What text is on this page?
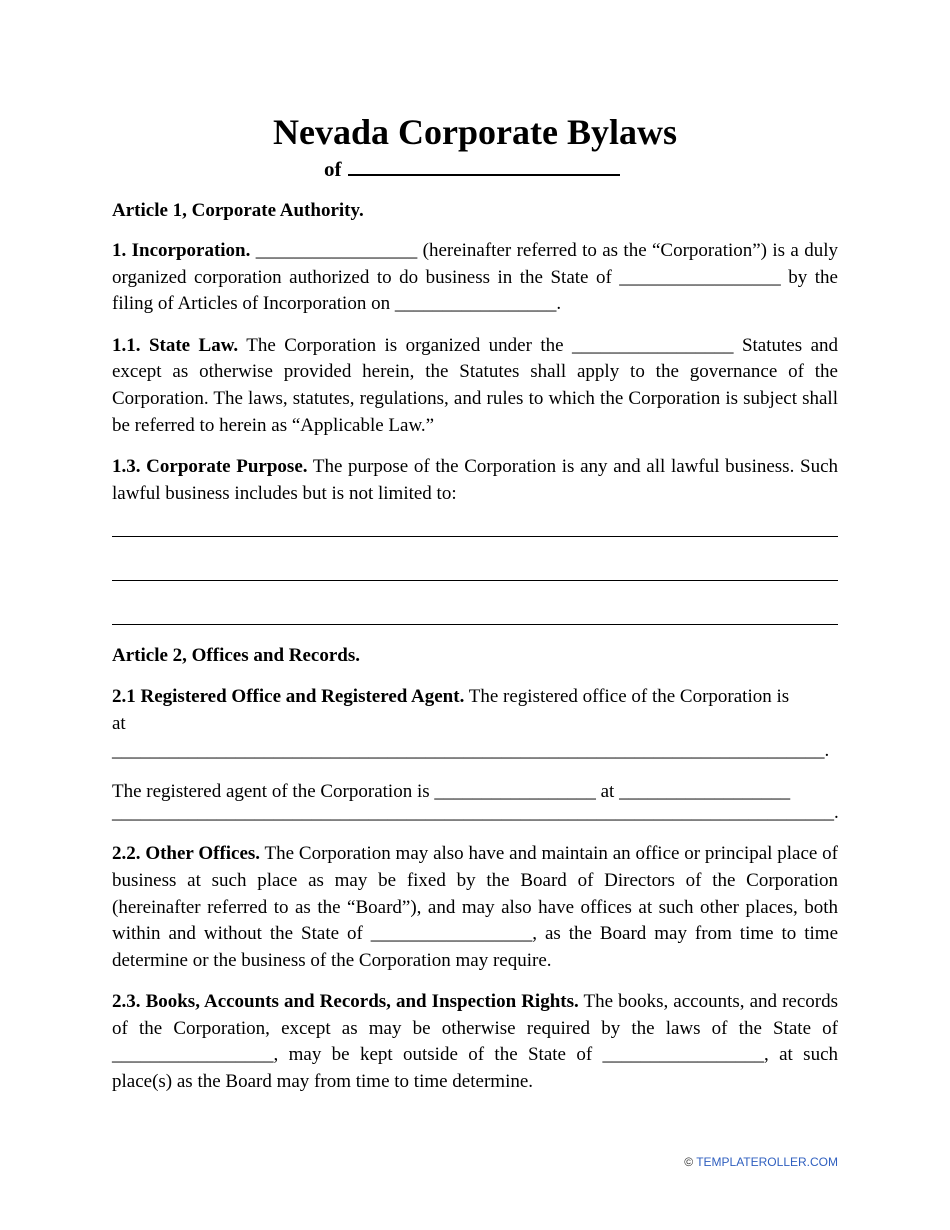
Nevada Corporate Bylaws
of

Article 1, Corporate Authority.

1. Incorporation. _________________ (hereinafter referred to as the “Corporation”) is a duly organized corporation authorized to do business in the State of _________________ by the filing of Articles of Incorporation on _________________.

1.1. State Law. The Corporation is organized under the _________________ Statutes and except as otherwise provided herein, the Statutes shall apply to the governance of the Corporation. The laws, statutes, regulations, and rules to which the Corporation is subject shall be referred to herein as “Applicable Law.”

1.3. Corporate Purpose. The purpose of the Corporation is any and all lawful business. Such lawful business includes but is not limited to:

Article 2, Offices and Records.

2.1 Registered Office and Registered Agent. The registered office of the Corporation is

at ___________________________________________________________________________.

The registered agent of the Corporation is _________________ at __________________

____________________________________________________________________________.

2.2. Other Offices. The Corporation may also have and maintain an office or principal place of business at such place as may be fixed by the Board of Directors of the Corporation (hereinafter referred to as the “Board”), and may also have offices at such other places, both within and without the State of _________________, as the Board may from time to time determine or the business of the Corporation may require.

2.3. Books, Accounts and Records, and Inspection Rights. The books, accounts, and records of the Corporation, except as may be otherwise required by the laws of the State of _________________, may be kept outside of the State of _________________, at such place(s) as the Board may from time to time determine.

© TEMPLATEROLLER.COM
